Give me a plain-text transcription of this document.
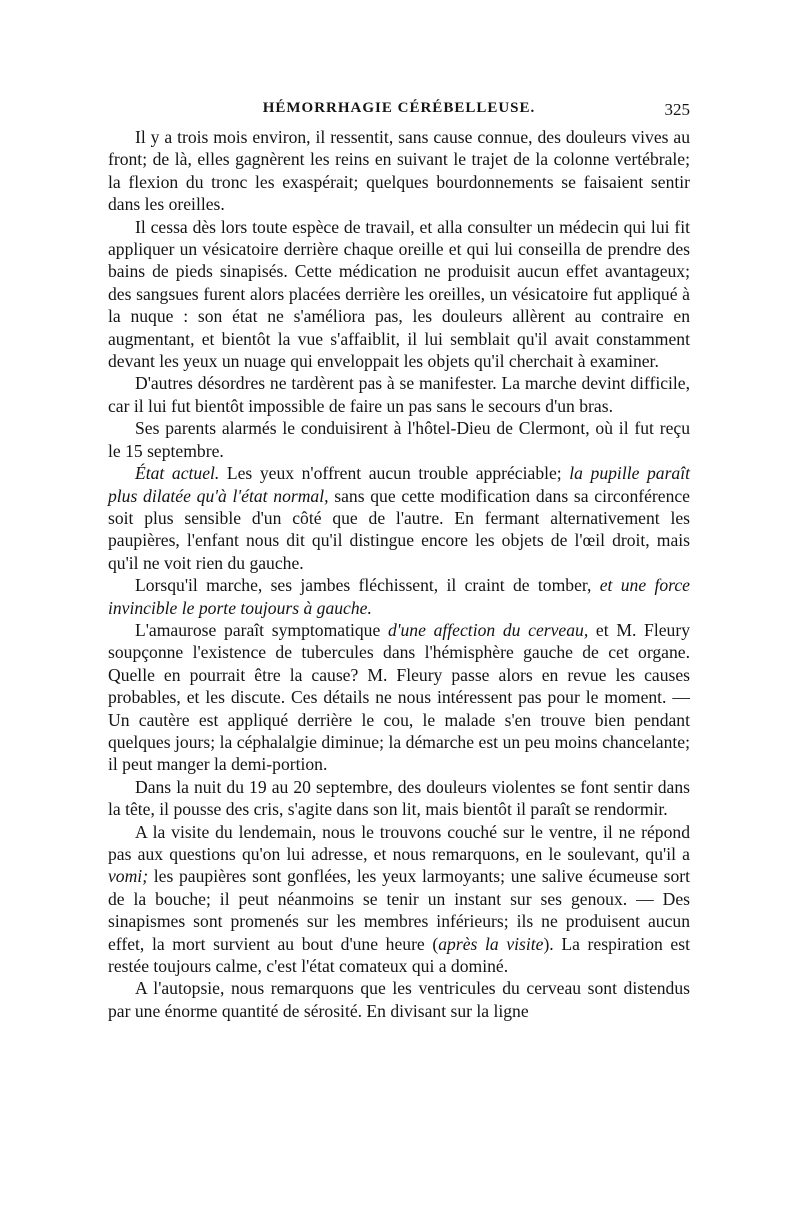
HÉMORRHAGIE CÉRÉBELLEUSE.	325

Il y a trois mois environ, il ressentit, sans cause connue, des douleurs vives au front; de là, elles gagnèrent les reins en suivant le trajet de la colonne vertébrale; la flexion du tronc les exaspérait; quelques bourdonnements se faisaient sentir dans les oreilles.

Il cessa dès lors toute espèce de travail, et alla consulter un médecin qui lui fit appliquer un vésicatoire derrière chaque oreille et qui lui conseilla de prendre des bains de pieds sinapisés. Cette médication ne produisit aucun effet avantageux; des sangsues furent alors placées derrière les oreilles, un vésicatoire fut appliqué à la nuque : son état ne s'améliora pas, les douleurs allèrent au contraire en augmentant, et bientôt la vue s'affaiblit, il lui semblait qu'il avait constamment devant les yeux un nuage qui enveloppait les objets qu'il cherchait à examiner.

D'autres désordres ne tardèrent pas à se manifester. La marche devint difficile, car il lui fut bientôt impossible de faire un pas sans le secours d'un bras.

Ses parents alarmés le conduisirent à l'hôtel-Dieu de Clermont, où il fut reçu le 15 septembre.

État actuel. Les yeux n'offrent aucun trouble appréciable; la pupille paraît plus dilatée qu'à l'état normal, sans que cette modification dans sa circonférence soit plus sensible d'un côté que de l'autre. En fermant alternativement les paupières, l'enfant nous dit qu'il distingue encore les objets de l'œil droit, mais qu'il ne voit rien du gauche.

Lorsqu'il marche, ses jambes fléchissent, il craint de tomber, et une force invincible le porte toujours à gauche.

L'amaurose paraît symptomatique d'une affection du cerveau, et M. Fleury soupçonne l'existence de tubercules dans l'hémisphère gauche de cet organe. Quelle en pourrait être la cause? M. Fleury passe alors en revue les causes probables, et les discute. Ces détails ne nous intéressent pas pour le moment. — Un cautère est appliqué derrière le cou, le malade s'en trouve bien pendant quelques jours; la céphalalgie diminue; la démarche est un peu moins chancelante; il peut manger la demi-portion.

Dans la nuit du 19 au 20 septembre, des douleurs violentes se font sentir dans la tête, il pousse des cris, s'agite dans son lit, mais bientôt il paraît se rendormir.

A la visite du lendemain, nous le trouvons couché sur le ventre, il ne répond pas aux questions qu'on lui adresse, et nous remarquons, en le soulevant, qu'il a vomi; les paupières sont gonflées, les yeux larmoyants; une salive écumeuse sort de la bouche; il peut néanmoins se tenir un instant sur ses genoux. — Des sinapismes sont promenés sur les membres inférieurs; ils ne produisent aucun effet, la mort survient au bout d'une heure (après la visite). La respiration est restée toujours calme, c'est l'état comateux qui a dominé.

A l'autopsie, nous remarquons que les ventricules du cerveau sont distendus par une énorme quantité de sérosité. En divisant sur la ligne
